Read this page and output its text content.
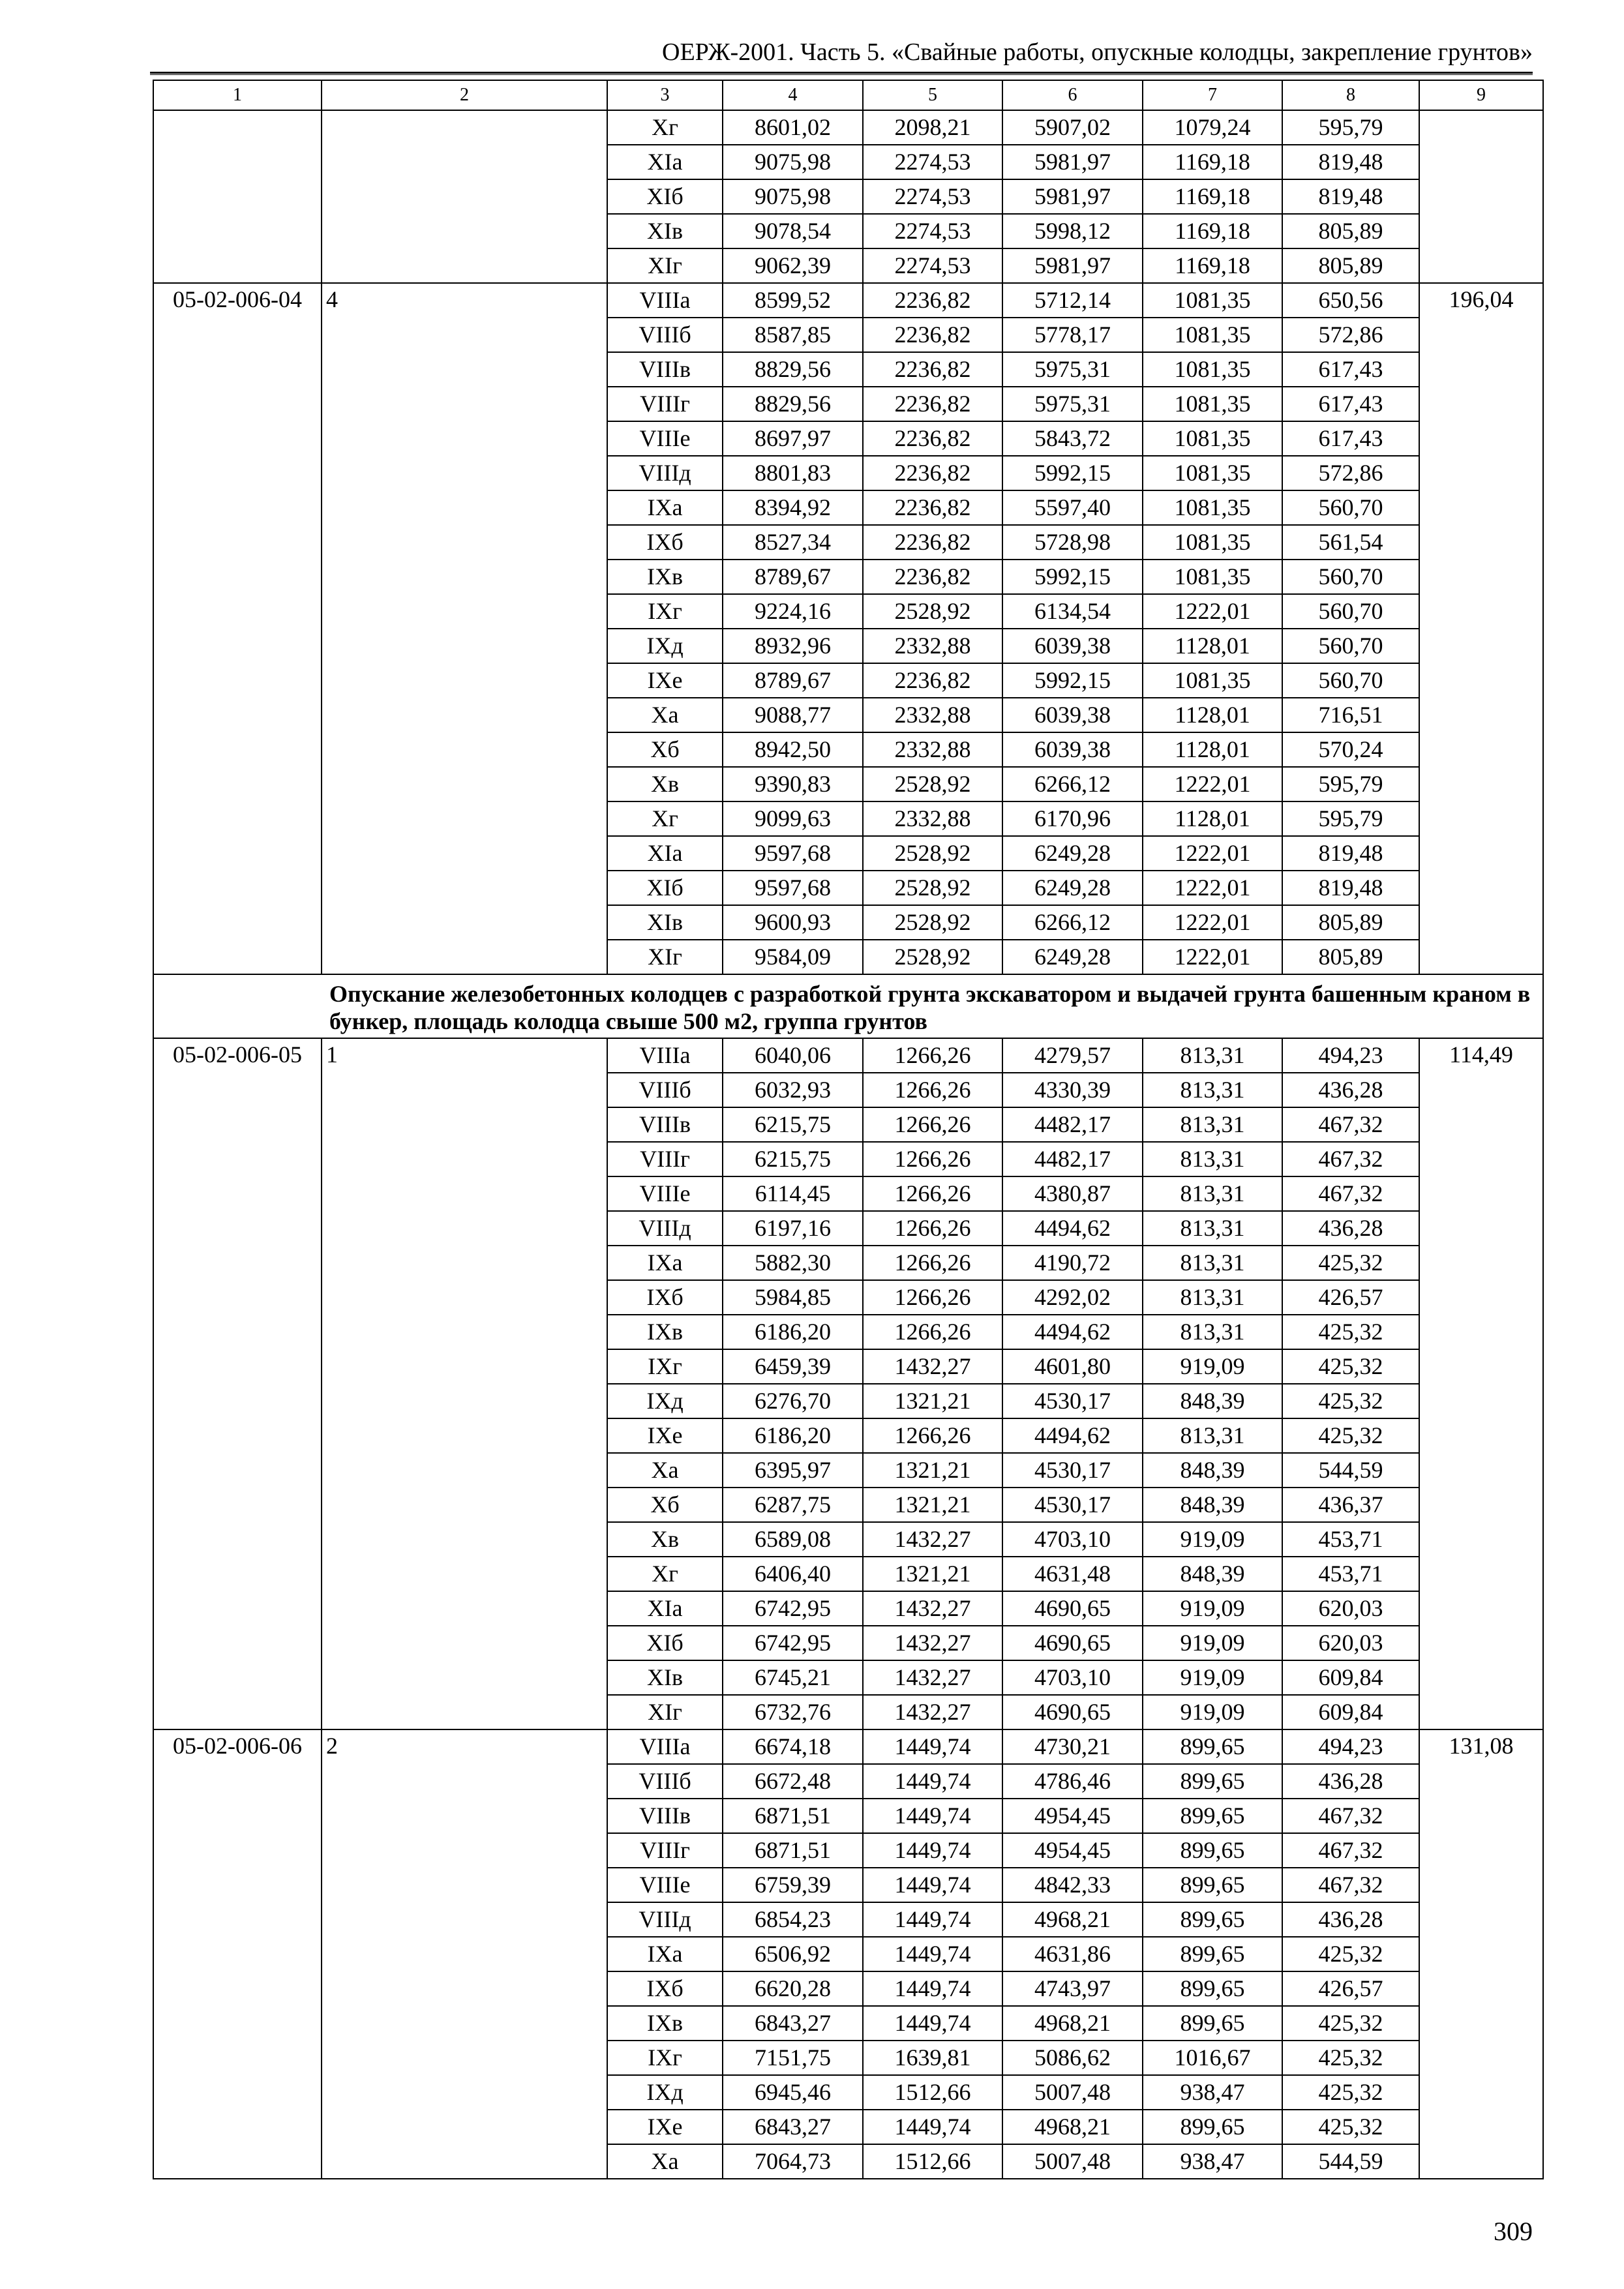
ОЕРЖ-2001. Часть 5. «Свайные работы, опускные колодцы, закрепление грунтов»
1	2	3	4	5	6	7	8	9
		Xг	8601,02	2098,21	5907,02	1079,24	595,79	
		XIа	9075,98	2274,53	5981,97	1169,18	819,48	
		XIб	9075,98	2274,53	5981,97	1169,18	819,48	
		XIв	9078,54	2274,53	5998,12	1169,18	805,89	
		XIг	9062,39	2274,53	5981,97	1169,18	805,89	
05-02-006-04	4	VIIIа	8599,52	2236,82	5712,14	1081,35	650,56	196,04
		VIIIб	8587,85	2236,82	5778,17	1081,35	572,86	
		VIIIв	8829,56	2236,82	5975,31	1081,35	617,43	
		VIIIг	8829,56	2236,82	5975,31	1081,35	617,43	
		VIIIе	8697,97	2236,82	5843,72	1081,35	617,43	
		VIIIд	8801,83	2236,82	5992,15	1081,35	572,86	
		IXа	8394,92	2236,82	5597,40	1081,35	560,70	
		IXб	8527,34	2236,82	5728,98	1081,35	561,54	
		IXв	8789,67	2236,82	5992,15	1081,35	560,70	
		IXг	9224,16	2528,92	6134,54	1222,01	560,70	
		IXд	8932,96	2332,88	6039,38	1128,01	560,70	
		IXе	8789,67	2236,82	5992,15	1081,35	560,70	
		Xа	9088,77	2332,88	6039,38	1128,01	716,51	
		Xб	8942,50	2332,88	6039,38	1128,01	570,24	
		Xв	9390,83	2528,92	6266,12	1222,01	595,79	
		Xг	9099,63	2332,88	6170,96	1128,01	595,79	
		XIа	9597,68	2528,92	6249,28	1222,01	819,48	
		XIб	9597,68	2528,92	6249,28	1222,01	819,48	
		XIв	9600,93	2528,92	6266,12	1222,01	805,89	
		XIг	9584,09	2528,92	6249,28	1222,01	805,89	
	Опускание железобетонных колодцев с разработкой грунта экскаватором и выдачей грунта башенным краном в бункер, площадь колодца свыше 500 м2, группа грунтов							
05-02-006-05	1	VIIIа	6040,06	1266,26	4279,57	813,31	494,23	114,49
		VIIIб	6032,93	1266,26	4330,39	813,31	436,28	
		VIIIв	6215,75	1266,26	4482,17	813,31	467,32	
		VIIIг	6215,75	1266,26	4482,17	813,31	467,32	
		VIIIе	6114,45	1266,26	4380,87	813,31	467,32	
		VIIIд	6197,16	1266,26	4494,62	813,31	436,28	
		IXа	5882,30	1266,26	4190,72	813,31	425,32	
		IXб	5984,85	1266,26	4292,02	813,31	426,57	
		IXв	6186,20	1266,26	4494,62	813,31	425,32	
		IXг	6459,39	1432,27	4601,80	919,09	425,32	
		IXд	6276,70	1321,21	4530,17	848,39	425,32	
		IXе	6186,20	1266,26	4494,62	813,31	425,32	
		Xа	6395,97	1321,21	4530,17	848,39	544,59	
		Xб	6287,75	1321,21	4530,17	848,39	436,37	
		Xв	6589,08	1432,27	4703,10	919,09	453,71	
		Xг	6406,40	1321,21	4631,48	848,39	453,71	
		XIа	6742,95	1432,27	4690,65	919,09	620,03	
		XIб	6742,95	1432,27	4690,65	919,09	620,03	
		XIв	6745,21	1432,27	4703,10	919,09	609,84	
		XIг	6732,76	1432,27	4690,65	919,09	609,84	
05-02-006-06	2	VIIIа	6674,18	1449,74	4730,21	899,65	494,23	131,08
		VIIIб	6672,48	1449,74	4786,46	899,65	436,28	
		VIIIв	6871,51	1449,74	4954,45	899,65	467,32	
		VIIIг	6871,51	1449,74	4954,45	899,65	467,32	
		VIIIе	6759,39	1449,74	4842,33	899,65	467,32	
		VIIIд	6854,23	1449,74	4968,21	899,65	436,28	
		IXа	6506,92	1449,74	4631,86	899,65	425,32	
		IXб	6620,28	1449,74	4743,97	899,65	426,57	
		IXв	6843,27	1449,74	4968,21	899,65	425,32	
		IXг	7151,75	1639,81	5086,62	1016,67	425,32	
		IXд	6945,46	1512,66	5007,48	938,47	425,32	
		IXе	6843,27	1449,74	4968,21	899,65	425,32	
		Xа	7064,73	1512,66	5007,48	938,47	544,59	
309
